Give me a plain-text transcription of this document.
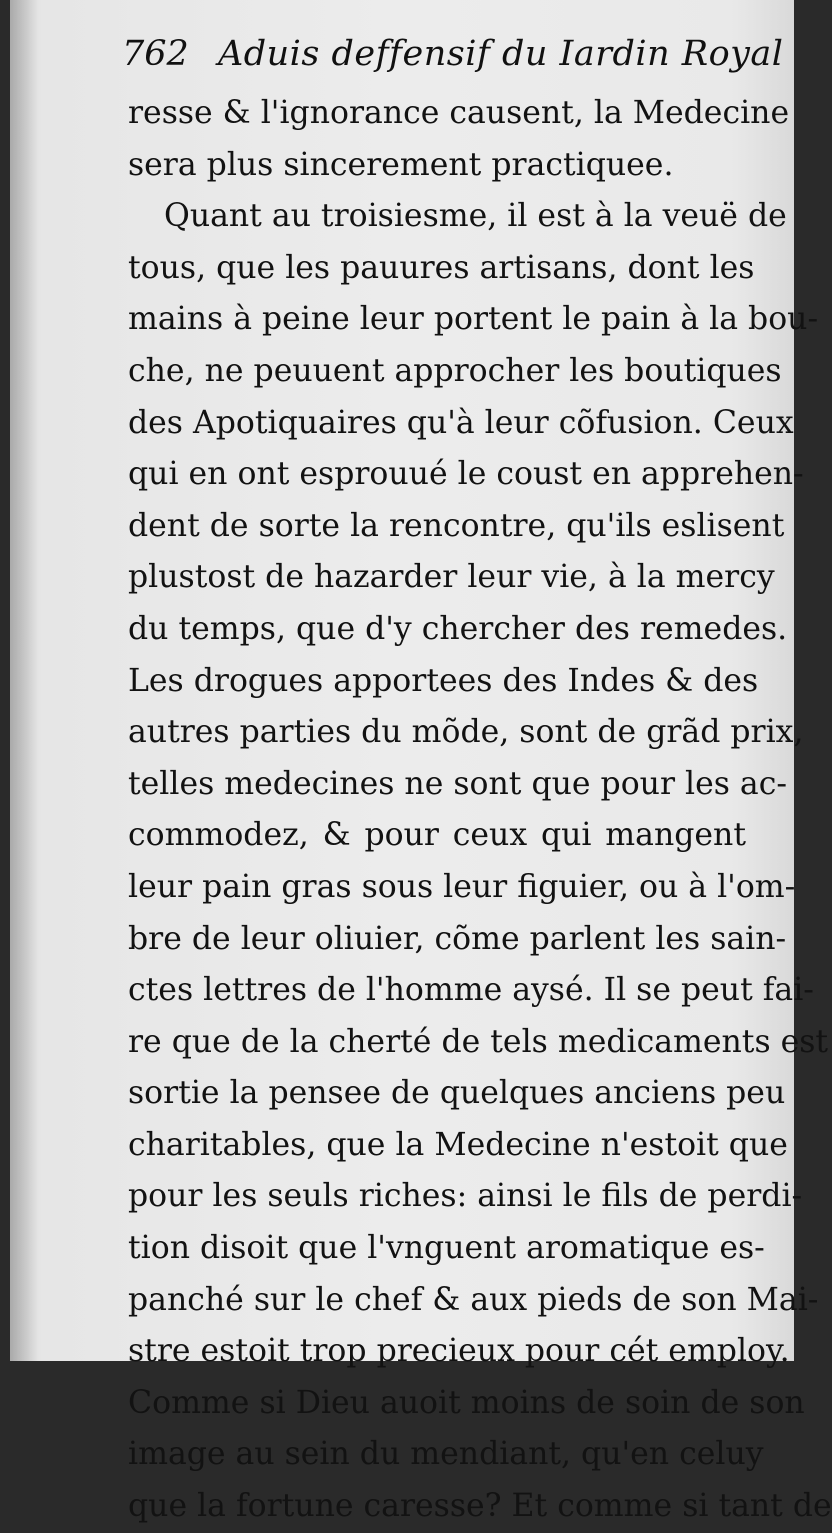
762 Aduis deffensif du Iardin Royal
resse & l'ignorance causent, la Medecine
sera plus sincerement practiquee.
Quant au troisiesme, il est à la veuë de
tous, que les pauures artisans, dont les
mains à peine leur portent le pain à la bou-
che, ne peuuent approcher les boutiques
des Apotiquaires qu'à leur cõfusion. Ceux
qui en ont esprouué le coust en apprehen-
dent de sorte la rencontre, qu'ils eslisent
plustost de hazarder leur vie, à la mercy
du temps, que d'y chercher des remedes.
Les drogues apportees des Indes & des
autres parties du mõde, sont de grãd prix,
telles medecines ne sont que pour les ac-
commodez, & pour ceux qui mangent
leur pain gras sous leur figuier, ou à l'om-
bre de leur oliuier, cõme parlent les sain-
ctes lettres de l'homme aysé. Il se peut fai-
re que de la cherté de tels medicaments est
sortie la pensee de quelques anciens peu
charitables, que la Medecine n'estoit que
pour les seuls riches: ainsi le fils de perdi-
tion disoit que l'vnguent aromatique es-
panché sur le chef & aux pieds de son Mai-
stre estoit trop precieux pour cét employ.
Comme si Dieu auoit moins de soin de son
image au sein du mendiant, qu'en celuy
que la fortune caresse? Et comme si tant de
